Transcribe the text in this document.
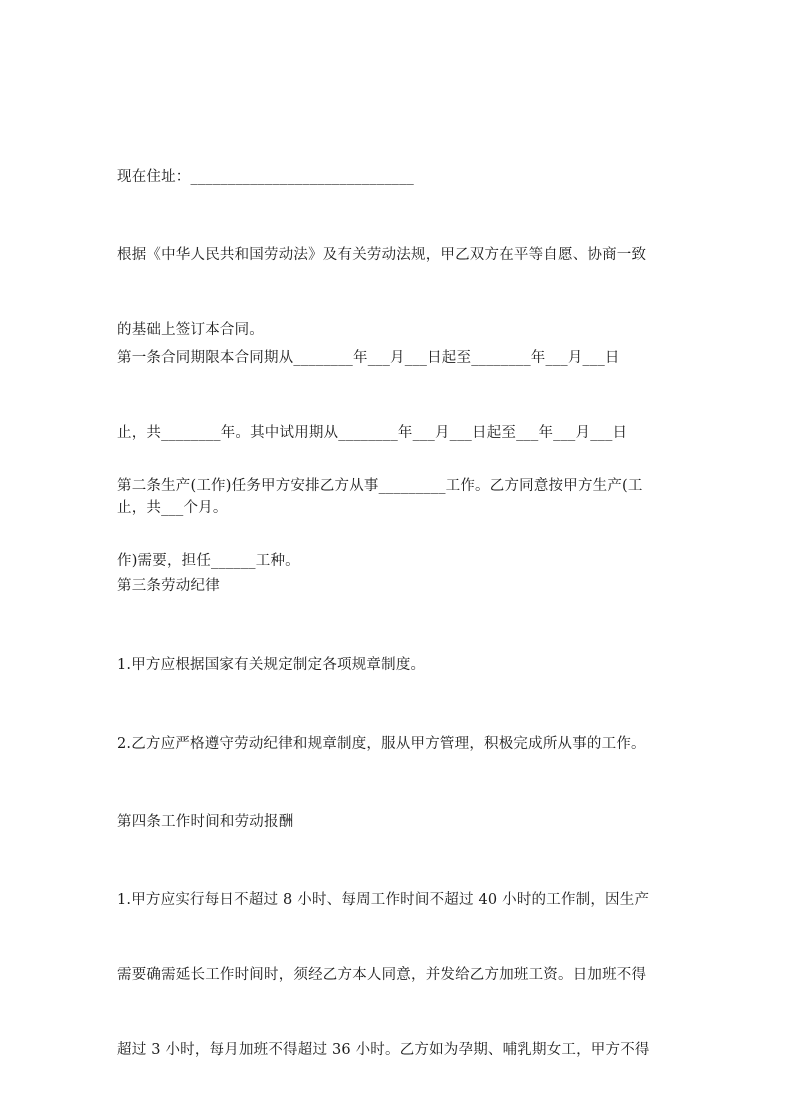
现在住址：______________________________

根据《中华人民共和国劳动法》及有关劳动法规，甲乙双方在平等自愿、协商一致

的基础上签订本合同。

第一条合同期限本合同期从________年___月___日起至________年___月___日

止，共________年。其中试用期从________年___月___日起至___年___月___日

止，共___个月。

第二条生产(工作)任务甲方安排乙方从事_________工作。乙方同意按甲方生产(工

作)需要，担任______工种。

第三条劳动纪律

1.甲方应根据国家有关规定制定各项规章制度。

2.乙方应严格遵守劳动纪律和规章制度，服从甲方管理，积极完成所从事的工作。

第四条工作时间和劳动报酬

1.甲方应实行每日不超过 8 小时、每周工作时间不超过 40 小时的工作制，因生产

需要确需延长工作时间时，须经乙方本人同意，并发给乙方加班工资。日加班不得

超过 3 小时，每月加班不得超过 36 小时。乙方如为孕期、哺乳期女工，甲方不得
